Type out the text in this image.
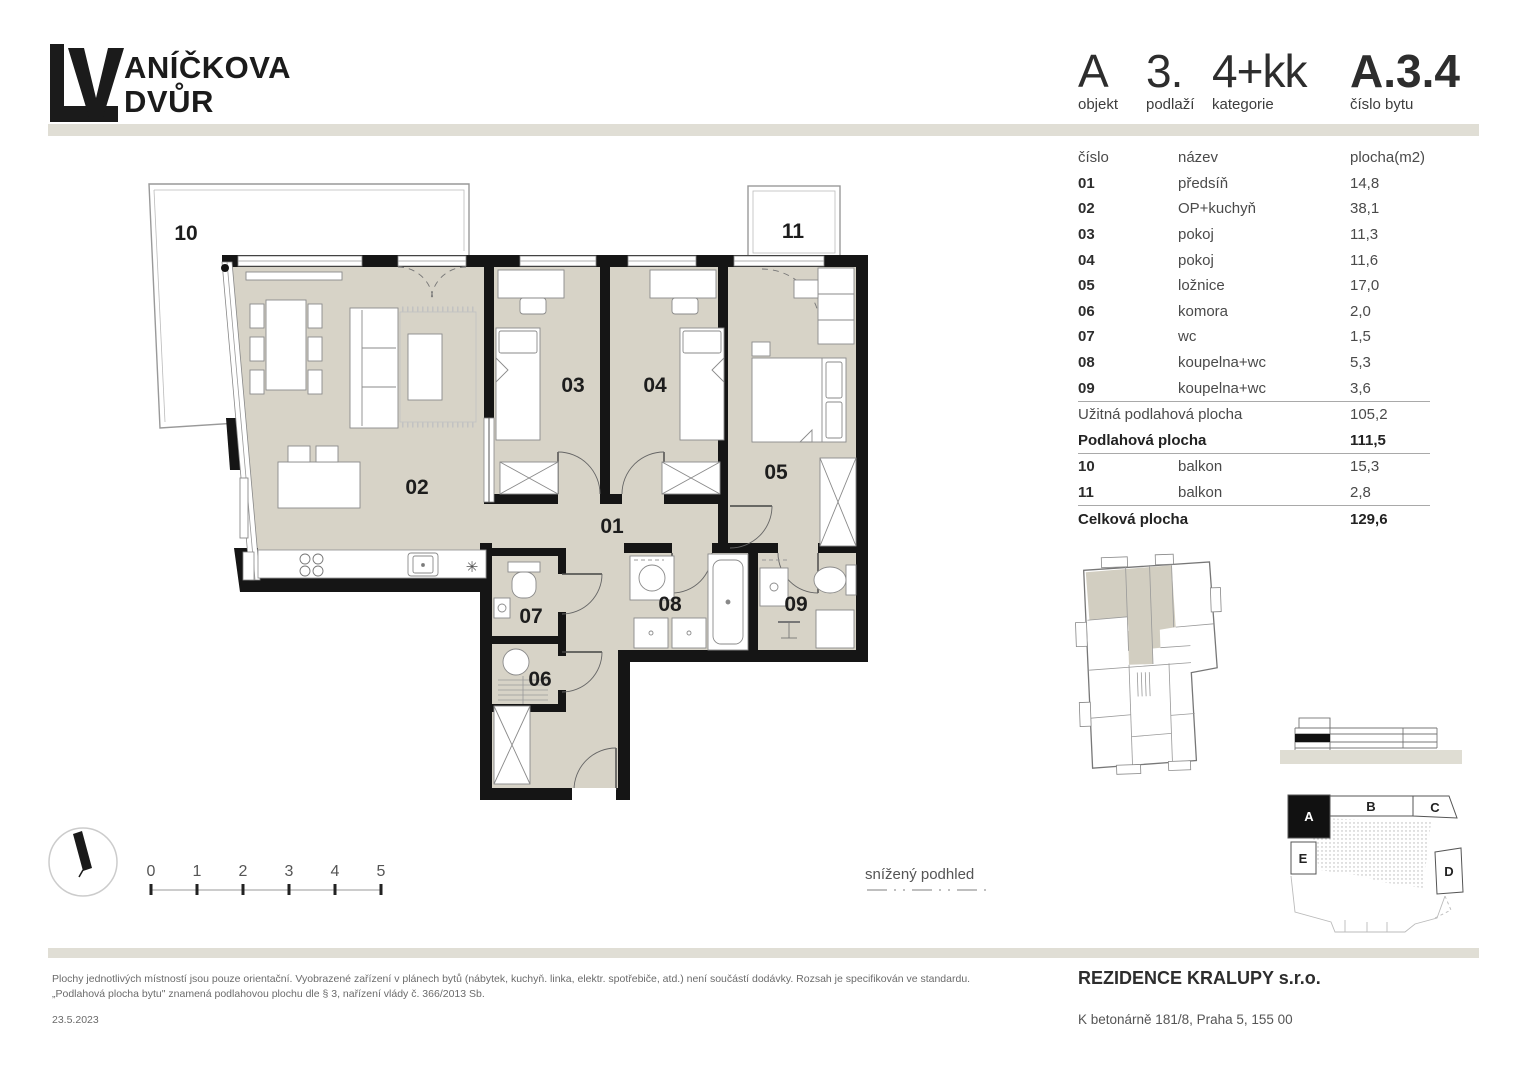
ANÍČKOVA
DVŮR
A
objekt
3.
podlaží
4+kk
kategorie
A.3.4
číslo bytu
číslo	název	plocha(m2)
01	předsíň	14,8
02	OP+kuchyň	38,1
03	pokoj	11,3
04	pokoj	11,6
05	ložnice	17,0
06	komora	2,0
07	wc	1,5
08	koupelna+wc	5,3
09	koupelna+wc	3,6
Užitná podlahová plocha	105,2
Podlahová plocha	111,5
10	balkon	15,3
11	balkon	2,8
Celková plocha	129,6
10	11
02
03	04
05
01
07
06
08	09
✳
0 1 2 3 4 5	snížený podhled
A
B	C
E
D
Plochy jednotlivých místností jsou pouze orientační. Vyobrazené zařízení v plánech bytů (nábytek, kuchyň. linka, elektr. spotřebiče, atd.) není součástí dodávky. Rozsah je specifikován ve standardu.
„Podlahová plocha bytu" znamená podlahovou plochu dle § 3, nařízení vlády č. 366/2013 Sb.
23.5.2023
REZIDENCE KRALUPY s.r.o.
K betonárně 181/8, Praha 5, 155 00
